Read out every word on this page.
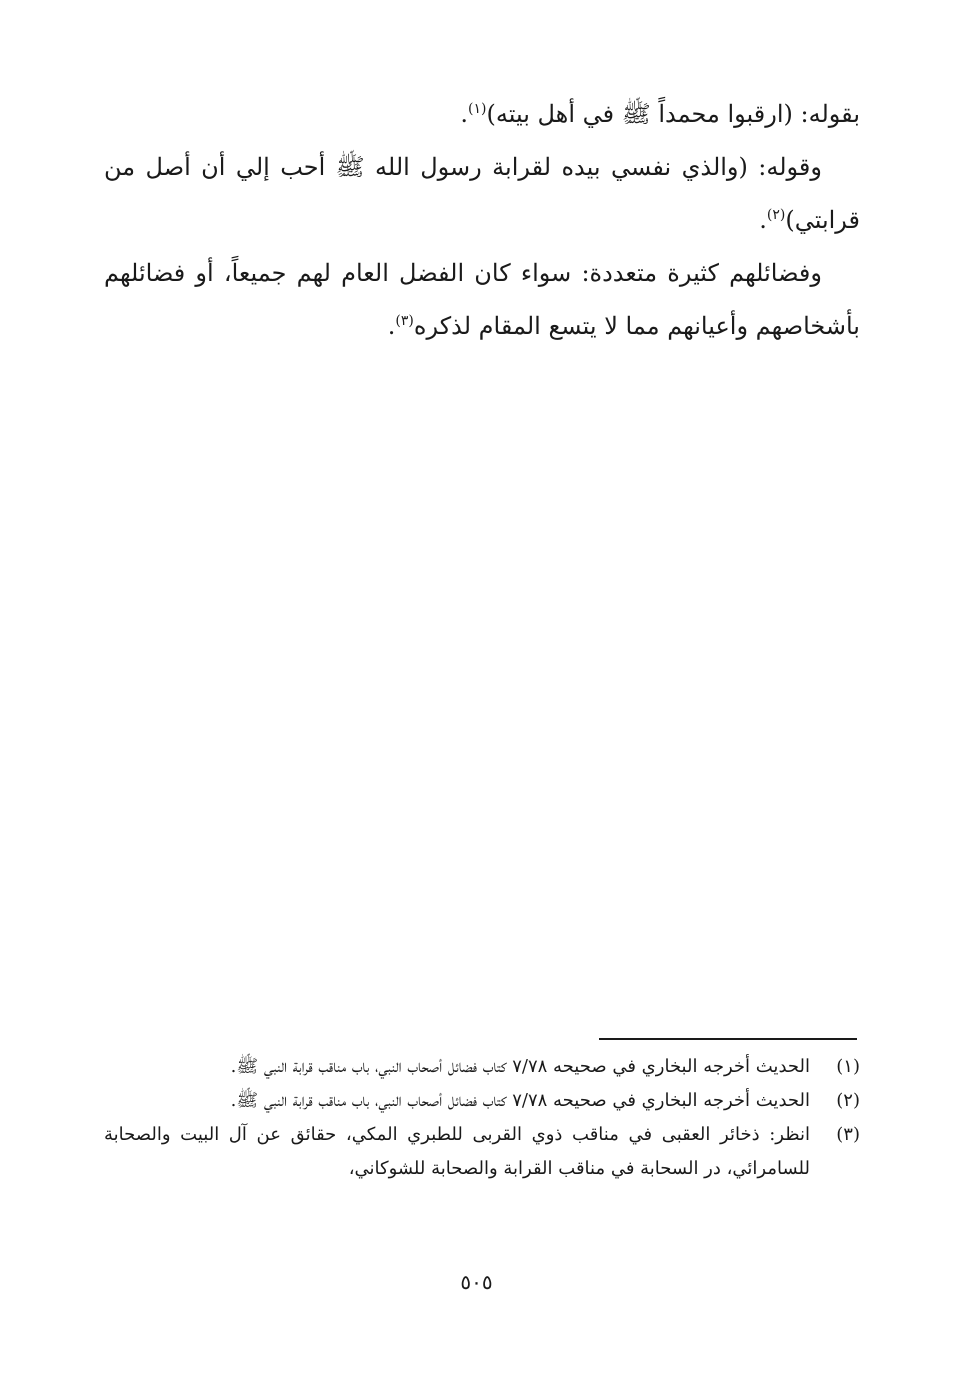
بقوله: (ارقبوا محمداً ﷺ في أهل بيته)$^{(١)}$.

وقوله: (والذي نفسي بيده لقرابة رسول الله ﷺ أحب إلي أن أصل من قرابتي)$^{(٢)}$.

وفضائلهم كثيرة متعددة: سواء كان الفضل العام لهم جميعاً، أو فضائلهم بأشخاصهم وأعيانهم مما لا يتسع المقام لذكره$^{(٣)}$.

(١)
الحديث أخرجه البخاري في صحيحه ٧/٧٨ كتاب فضائل أصحاب النبي، باب مناقب قرابة النبي ﷺ.
(٢)
الحديث أخرجه البخاري في صحيحه ٧/٧٨ كتاب فضائل أصحاب النبي، باب مناقب قرابة النبي ﷺ.
(٣)
انظر: ذخائر العقبى في مناقب ذوي القربى للطبري المكي، حقائق عن آل البيت والصحابة للسامرائي، در السحابة في مناقب القرابة والصحابة للشوكاني،
٥٠٥
